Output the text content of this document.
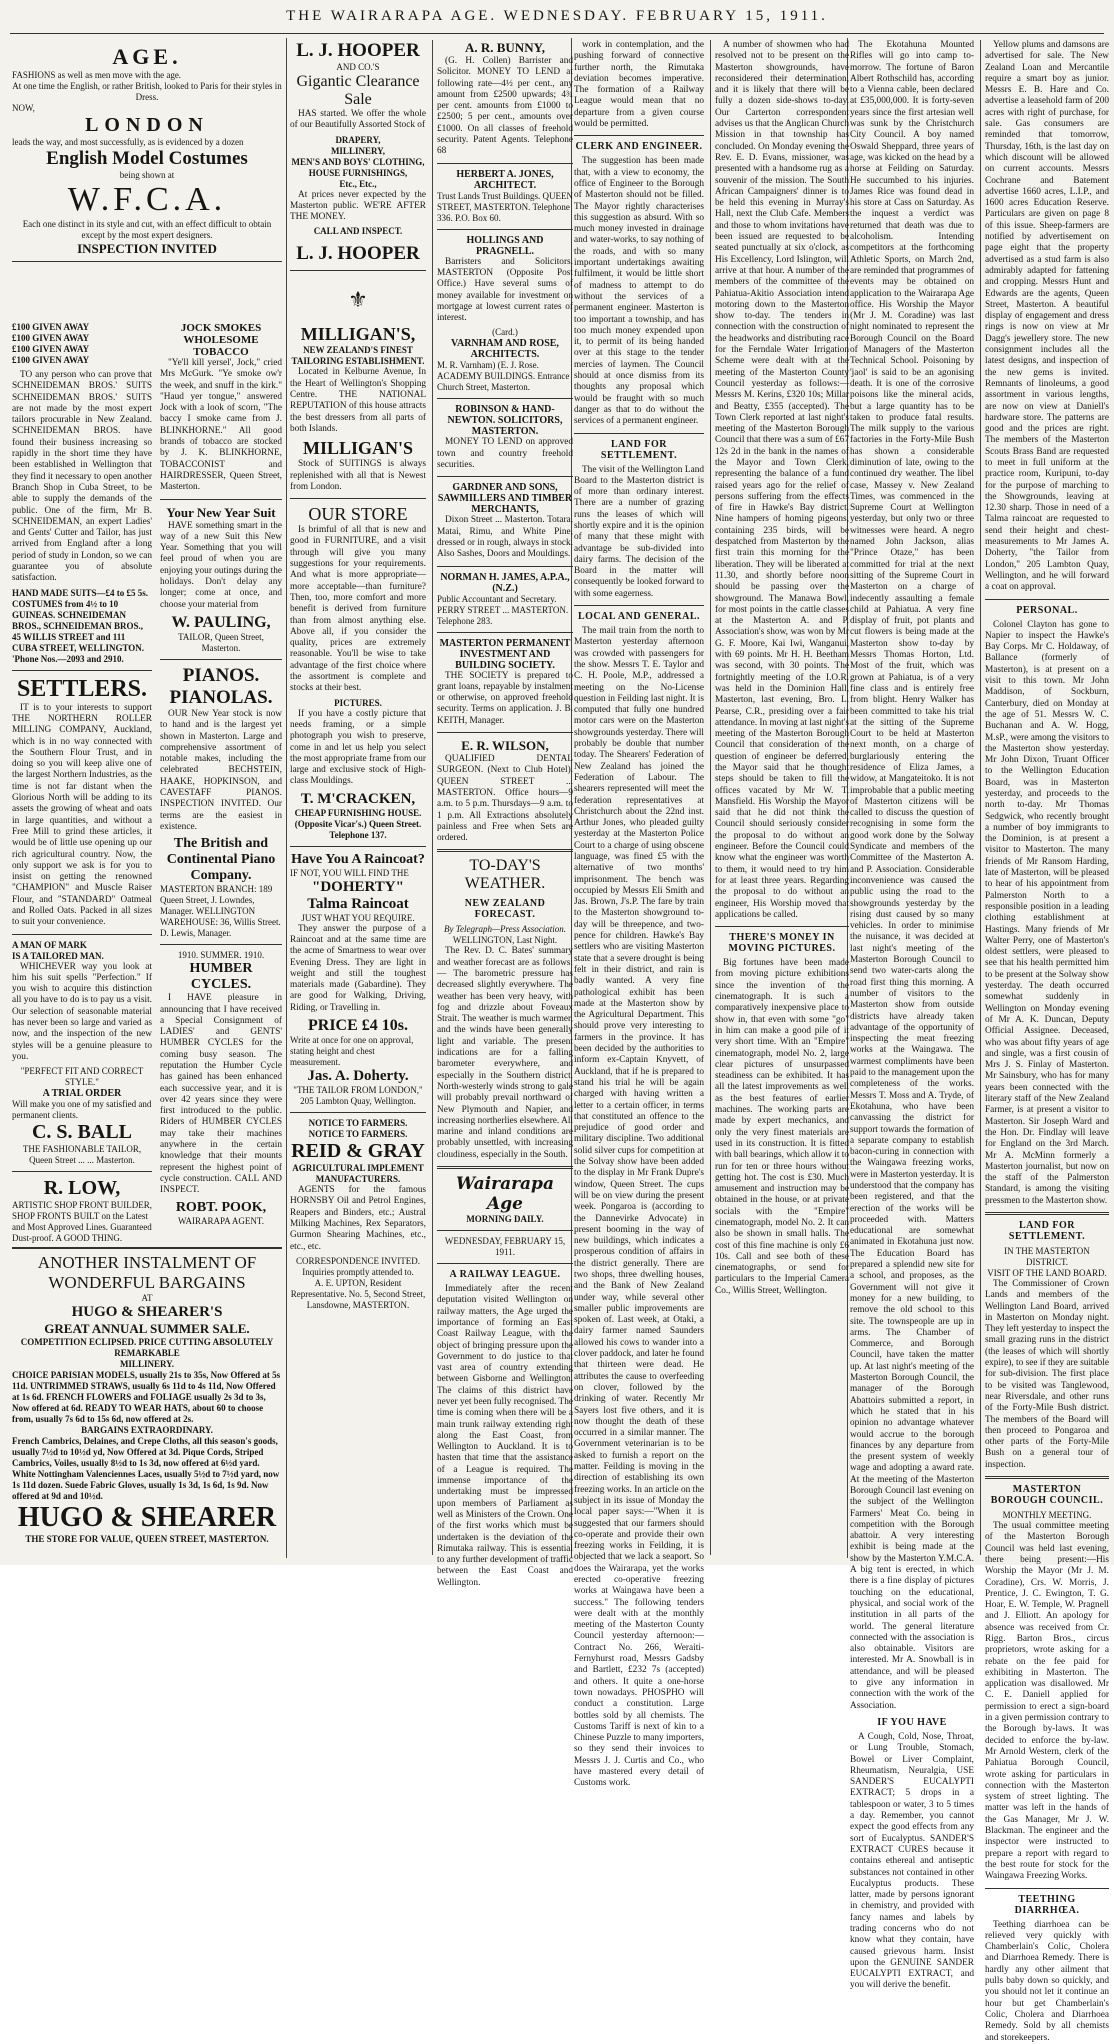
THE WAIRARAPA AGE. WEDNESDAY. FEBRUARY 15, 1911.
AGE.

FASHIONS as well as men move with the age.

At one time the English, or rather British, looked to Paris for their styles in Dress.

NOW,

LONDON

leads the way, and most successfully, as is evidenced by a dozen

English Model Costumes

being shown at

W.F.C.A.

Each one distinct in its style and cut, with an effect difficult to obtain except by the most expert designers.

INSPECTION INVITED
£100 GIVEN AWAY
£100 GIVEN AWAY
£100 GIVEN AWAY
£100 GIVEN AWAY

TO any person who can prove that SCHNEIDEMAN BROS.' SUITS SCHNEIDEMAN BROS.' SUITS are not made by the most expert tailors procurable in New Zealand. SCHNEIDEMAN BROS. have found their business increasing so rapidly in the short time they have been established in Wellington that they find it necessary to open another Branch Shop in Cuba Street, to be able to supply the demands of the public. One of the firm, Mr B. SCHNEIDEMAN, an expert Ladies' and Gents' Cutter and Tailor, has just arrived from England after a long period of study in London, so we can guarantee you of absolute satisfaction.

HAND MADE SUITS—£4 to £5 5s. COSTUMES from 4½ to 10 GUINEAS. SCHNEIDEMAN BROS., SCHNEIDEMAN BROS., 45 WILLIS STREET and 111 CUBA STREET, WELLINGTON. 'Phone Nos.—2093 and 2910.

SETTLERS.

IT is to your interests to support THE NORTHERN ROLLER MILLING COMPANY, Auckland, which is in no way connected with the Southern Flour Trust, and in doing so you will keep alive one of the largest Northern Industries, as the time is not far distant when the Glorious North will be adding to its assets the growing of wheat and oats in large quantities, and without a Free Mill to grind these articles, it would be of little use opening up our rich agricultural country. Now, the only support we ask is for you to insist on getting the renowned "CHAMPION" and Muscle Raiser Flour, and "STANDARD" Oatmeal and Rolled Oats. Packed in all sizes to suit your convenience.

A MAN OF MARK
IS A TAILORED MAN.

WHICHEVER way you look at him his suit spells "Perfection." If you wish to acquire this distinction all you have to do is to pay us a visit. Our selection of seasonable material has never been so large and varied as now, and the inspection of the new styles will be a genuine pleasure to you.

"PERFECT FIT AND CORRECT STYLE."

A TRIAL ORDER

Will make you one of my satisfied and permanent clients.

C. S. BALL

THE FASHIONABLE TAILOR, Queen Street ... ... Masterton.

R. LOW,

ARTISTIC SHOP FRONT BUILDER, SHOP FRONTS BUILT on the Latest and Most Approved Lines. Guaranteed Dust-proof. A GOOD THING.

JOCK SMOKES WHOLESOME TOBACCO

"Ye'll kill yersel', Jock," cried Mrs McGurk. "Ye smoke ow'r the week, and snuff in the kirk." "Haud yer tongue," answered Jock with a look of scorn, "The baccy I smoke came from J. BLINKHORNE." All good brands of tobacco are stocked by J. K. BLINKHORNE, TOBACCONIST and HAIRDRESSER, Queen Street, Masterton.

Your New Year Suit

HAVE something smart in the way of a new Suit this New Year. Something that you will feel proud of when you are enjoying your outings during the holidays. Don't delay any longer; come at once, and choose your material from

W. PAULING,

TAILOR, Queen Street, Masterton.

PIANOS.
PIANOLAS.

OUR New Year stock is now to hand and is the largest yet shown in Masterton. Large and comprehensive assortment of notable makes, including the celebrated BECHSTEIN, HAAKE, HOPKINSON, and CAVESTAFF PIANOS. INSPECTION INVITED. Our terms are the easiest in existence.

The British and Continental Piano Company.

MASTERTON BRANCH: 189 Queen Street, J. Lowndes, Manager. WELLINGTON WAREHOUSE: 36, Willis Street. D. Lewis, Manager.

1910. SUMMER. 1910.

HUMBER CYCLES.

I HAVE pleasure in announcing that I have received a Special Consignment of LADIES' and GENTS' HUMBER CYCLES for the coming busy season. The reputation the Humber Cycle has gained has been enhanced each successive year, and it is over 42 years since they were first introduced to the public. Riders of HUMBER CYCLES may take their machines anywhere in the certain knowledge that their mounts represent the highest point of cycle construction. CALL AND INSPECT.

ROBT. POOK,

WAIRARAPA AGENT.

ANOTHER INSTALMENT OF WONDERFUL BARGAINS
AT
HUGO & SHEARER'S
GREAT ANNUAL SUMMER SALE.
COMPETITION ECLIPSED. PRICE CUTTING ABSOLUTELY REMARKABLE
MILLINERY.

CHOICE PARISIAN MODELS, usually 21s to 35s, Now Offered at 5s 11d. UNTRIMMED STRAWS, usually 6s 11d to 4s 11d, Now Offered at 1s 6d. FRENCH FLOWERS and FOLIAGE usually 2s 3d to 3s, Now offered at 6d. READY TO WEAR HATS, about 60 to choose from, usually 7s 6d to 15s 6d, now offered at 2s.

BARGAINS EXTRAORDINARY.

French Cambrics, Delaines, and Crepe Cloths, all this season's goods, usually 7½d to 10½d yd, Now Offered at 3d. Pique Cords, Striped Cambrics, Voiles, usually 8½d to 1s 3d, now offered at 6½d yard. White Nottingham Valenciennes Laces, usually 5½d to 7½d yard, now 1s 11d dozen. Suede Fabric Gloves, usually 1s 3d, 1s 6d, 1s 9d. Now offered at 9d and 10½d.

HUGO & SHEARER
THE STORE FOR VALUE, QUEEN STREET, MASTERTON.
L. J. HOOPER
AND CO.'S
Gigantic Clearance Sale

HAS started. We offer the whole of our Beautifully Assorted Stock of

DRAPERY,
MILLINERY,
MEN'S AND BOYS' CLOTHING,
HOUSE FURNISHINGS,
Etc., Etc.,

At prices never expected by the Masterton public. WE'RE AFTER THE MONEY.

CALL AND INSPECT.
L. J. HOOPER
⚜
MILLIGAN'S,
NEW ZEALAND'S FINEST TAILORING ESTABLISHMENT.

Located in Kelburne Avenue, In the Heart of Wellington's Shopping Centre. THE NATIONAL REPUTATION of this house attracts the best dressers from all parts of both Islands.

MILLIGAN'S

Stock of SUITINGS is always replenished with all that is Newest from London.

OUR STORE

Is brimful of all that is new and good in FURNITURE, and a visit through will give you many suggestions for your requirements. And what is more appropriate—more acceptable—than furniture? Then, too, more comfort and more benefit is derived from furniture than from almost anything else. Above all, if you consider the quality, prices are extremely reasonable. You'll be wise to take advantage of the first choice where the assortment is complete and stocks at their best.

PICTURES.

If you have a costly picture that needs framing, or a simple photograph you wish to preserve, come in and let us help you select the most appropriate frame from our large and exclusive stock of High-class Mouldings.

T. M'CRACKEN,

CHEAP FURNISHING HOUSE. (Opposite Vicar's.) Queen Street. Telephone 137.

Have You A Raincoat?

IF NOT, YOU WILL FIND THE

"DOHERTY"
Talma Raincoat
JUST WHAT YOU REQUIRE.

They answer the purpose of a Raincoat and at the same time are the acme of Smartness to wear over Evening Dress. They are light in weight and still the toughest materials made (Gabardine). They are good for Walking, Driving, Riding, or Travelling in.

PRICE £4 10s.

Write at once for one on approval, stating height and chest measurement.

Jas. A. Doherty.

"THE TAILOR FROM LONDON," 205 Lambton Quay, Wellington.

NOTICE TO FARMERS. NOTICE TO FARMERS.
REID & GRAY
AGRICULTURAL IMPLEMENT MANUFACTURERS.

AGENTS for the famous HORNSBY Oil and Petrol Engines, Reapers and Binders, etc.; Austral Milking Machines, Rex Separators, Gurmon Shearing Machines, etc., etc., etc.

CORRESPONDENCE INVITED.
Inquiries promptly attended to.

A. E. UPTON, Resident Representative. No. 5, Second Street, Lansdowne, MASTERTON.

A. R. BUNNY,

(G. H. Collen) Barrister and Solicitor. MONEY TO LEND at following rate—4½ per cent., any amount from £2500 upwards; 4¾ per cent. amounts from £1000 to £2500; 5 per cent., amounts over £1000. On all classes of freehold security. Patent Agents. Telephone 68

HERBERT A. JONES, ARCHITECT.

Trust Lands Trust Buildings. QUEEN STREET, MASTERTON. Telephone 336. P.O. Box 60.

HOLLINGS AND PRAGNELL.

Barristers and Solicitors. MASTERTON (Opposite Post Office.) Have several sums of money available for investment on mortgage at lowest current rates of interest.

(Card.)
VARNHAM AND ROSE, ARCHITECTS.

M. R. Varnham) (E. J. Rose. ACADEMY BUILDINGS. Entrance Church Street, Masterton.

ROBINSON & HAND-NEWTON. SOLICITORS, MASTERTON.

MONEY TO LEND on approved town and country freehold securities.

GARDNER AND SONS, SAWMILLERS AND TIMBER MERCHANTS,

Dixon Street ... Masterton. Totara, Matai, Rimu, and White Pine, dressed or in rough, always in stock. Also Sashes, Doors and Mouldings.

NORMAN H. JAMES, A.P.A., (N.Z.)

Public Accountant and Secretary. PERRY STREET ... MASTERTON. Telephone 283.

MASTERTON PERMANENT INVESTMENT AND BUILDING SOCIETY.

THE SOCIETY is prepared to grant loans, repayable by instalment or otherwise, on approved freehold security. Terms on application. J. B. KEITH, Manager.

E. R. WILSON,

QUALIFIED DENTAL SURGEON. (Next to Club Hotel). QUEEN STREET ... MASTERTON. Office hours—9 a.m. to 5 p.m. Thursdays—9 a.m. to 1 p.m. All Extractions absolutely painless and Free when Sets are ordered.

TO-DAY'S WEATHER.
NEW ZEALAND FORECAST.
By Telegraph—Press Association.
WELLINGTON, Last Night.

The Rev. D. C. Bates' summary and weather forecast are as follows:— The barometric pressure has decreased slightly everywhere. The weather has been very heavy, with fog and drizzle about Foveaux Strait. The weather is much warmer, and the winds have been generally light and variable. The present indications are for a falling barometer everywhere, and especially in the Southern district. North-westerly winds strong to gale will probably prevail northward of New Plymouth and Napier, and increasing northerlies elsewhere. All marine and inland conditions are probably unsettled, with increasing cloudiness, especially in the South.

Wairarapa Age
MORNING DAILY.
WEDNESDAY, FEBRUARY 15, 1911.
A RAILWAY LEAGUE.

Immediately after the recent deputation visited Wellington on railway matters, the Age urged the importance of forming an East Coast Railway League, with the object of bringing pressure upon the Government to do justice to that vast area of country extending between Gisborne and Wellington. The claims of this district have never yet been fully recognised. The time is coming when there will be a main trunk railway extending right along the East Coast, from Wellington to Auckland. It is to hasten that time that the assistance of a League is required. The immense importance of the undertaking must be impressed upon members of Parliament as well as Ministers of the Crown. One of the first works which must be undertaken is the deviation of the Rimutaka railway. This is essential to any further development of traffic between the East Coast and Wellington.

work in contemplation, and the pushing forward of connective further north, the Rimutaka deviation becomes imperative. The formation of a Railway League would mean that no departure from a given course would be permitted.

CLERK AND ENGINEER.

The suggestion has been made that, with a view to economy, the office of Engineer to the Borough of Masterton should not be filled. The Mayor rightly characterises this suggestion as absurd. With so much money invested in drainage and water-works, to say nothing of the roads, and with so many important undertakings awaiting fulfilment, it would be little short of madness to attempt to do without the services of a permanent engineer. Masterton is too important a township, and has too much money expended upon it, to permit of its being handed over at this stage to the tender mercies of laymen. The Council should at once dismiss from its thoughts any proposal which would be fraught with so much danger as that to do without the services of a permanent engineer.

LAND FOR SETTLEMENT.

The visit of the Wellington Land Board to the Masterton district is of more than ordinary interest. There are a number of grazing runs the leases of which will shortly expire and it is the opinion of many that these might with advantage be sub-divided into dairy farms. The decision of the Board in the matter will consequently be looked forward to with some eagerness.

LOCAL AND GENERAL.

The mail train from the north to Masterton yesterday afternoon was crowded with passengers for the show. Messrs T. E. Taylor and C. H. Poole, M.P., addressed a meeting on the No-License question in Feilding last night. It is computed that fully one hundred motor cars were on the Masterton showgrounds yesterday. There will probably be double that number today. The Shearers' Federation of New Zealand has joined the Federation of Labour. The shearers represented will meet the federation representatives at Christchurch about the 22nd inst. Arthur Jones, who pleaded guilty yesterday at the Masterton Police Court to a charge of using obscene language, was fined £5 with the alternative of two months' imprisonment. The bench was occupied by Messrs Eli Smith and Jas. Brown, J's.P. The fare by train to the Masterton showground to-day will be threepence, and two-pence for children. Hawke's Bay settlers who are visiting Masterton state that a severe drought is being felt in their district, and rain is badly wanted. A very fine pathological exhibit has been made at the Masterton show by the Agricultural Department. This should prove very interesting to farmers in the province. It has been decided by the authorities to inform ex-Captain Knyvett, of Auckland, that if he is prepared to stand his trial he will be again charged with having written a letter to a certain officer, in terms that constituted an offence to the prejudice of good order and military discipline. Two additional solid silver cups for competition at the Solvay show have been added to the display in Mr Frank Dupre's window, Queen Street. The cups will be on view during the present week. Pongaroa is (according to the Dannevirke Advocate) in present booming in the way of new buildings, which indicates a prosperous condition of affairs in the district generally. There are two shops, three dwelling houses, and the Bank of New Zealand under way, while several other smaller public improvements are spoken of. Last week, at Otaki, a dairy farmer named Saunders allowed his cows to wander into a clover paddock, and later he found that thirteen were dead. He attributes the cause to overfeeding on clover, followed by the drinking of water. Recently Mr Sayers lost five others, and it is now thought the death of these occurred in a similar manner. The Government veterinarian is to be asked to furnish a report on the matter. Feilding is moving in the direction of establishing its own freezing works. In an article on the subject in its issue of Monday the local paper says:—"When it is suggested that our farmers should co-operate and provide their own freezing works in Feilding, it is objected that we lack a seaport. So does the Wairarapa, yet the works erected co-operative freezing works at Waingawa have been a success." The following tenders were dealt with at the monthly meeting of the Masterton County Council yesterday afternoon:—Contract No. 266, Weraiti-Fernyhurst road, Messrs Gadsby and Bartlett, £232 7s (accepted) and others. It quite a one-horse town nowadays. PHOSPHO will conduct a constitution. Large bottles sold by all chemists. The Customs Tariff is next of kin to a Chinese Puzzle to many importers, so they send their invoices to Messrs J. J. Curtis and Co., who have mastered every detail of Customs work.

A number of showmen who had resolved not to be present on the Masterton showgrounds, have reconsidered their determination, and it is likely that there will be fully a dozen side-shows to-day. Our Carterton correspondent advises us that the Anglican Church Mission in that township has concluded. On Monday evening the Rev. E. D. Evans, missioner, was presented with a handsome rug as a souvenir of the mission. The South African Campaigners' dinner is to be held this evening in Murray's Hall, next the Club Cafe. Members and those to whom invitations have been issued are requested to be seated punctually at six o'clock, as His Excellency, Lord Islington, will arrive at that hour. A number of the members of the committee of the Pahiatua-Akitio Association intend motoring down to the Masterton show to-day. The tenders in connection with the construction of the headworks and distributing race for the Ferndale Water Irrigation Scheme were dealt with at the meeting of the Masterton County Council yesterday as follows:—Messrs M. Kerins, £320 10s; Millar and Beatty, £355 (accepted). The Town Clerk reported at last night's meeting of the Masterton Borough Council that there was a sum of £67 12s 2d in the bank in the names of the Mayor and Town Clerk, representing the balance of a fund raised years ago for the relief of persons suffering from the effects of fire in Hawke's Bay district. Nine hampers of homing pigeons, containing 235 birds, will be despatched from Masterton by the first train this morning for the liberation. They will be liberated at 11.30, and shortly before noon should be passing over the showground. The Manawa Bowl, for most points in the cattle classes at the Masterton A. and P. Association's show, was won by Mr G. F. Moore, Kai Iwi, Wanganui, with 69 points. Mr H. H. Beetham was second, with 30 points. The fortnightly meeting of the I.O.R. was held in the Dominion Hall, Masterton, last evening, Bro. L. Pearse, C.R., presiding over a fair attendance. In moving at last night's meeting of the Masterton Borough Council that consideration of the question of engineer be deferred, the Mayor said that he thought steps should be taken to fill the offices vacated by Mr W. T. Mansfield. His Worship the Mayor said that he did not think the Council should seriously consider the proposal to do without an engineer. Before the Council could know what the engineer was worth to them, it would need to try him for at least three years. Regarding the proposal to do without an engineer, His Worship moved that applications be called.

THERE'S MONEY IN MOVING PICTURES.

Big fortunes have been made from moving picture exhibitions since the invention of the cinematograph. It is such a comparatively inexpensive place to show in, that even with some "go" in him can make a good pile of it very short time. With an "Empire" cinematograph, model No. 2, large clear pictures of unsurpassed steadiness can be exhibited. It has all the latest improvements as well as the best features of earlier machines. The working parts are made by expert mechanics, and only the very finest materials are used in its construction. It is fitted with ball bearings, which allow it to run for ten or three hours without getting hot. The cost is £30. Much amusement and instruction may be obtained in the house, or at private socials with the "Empire" cinematograph, model No. 2. It can also be shown in small halls. The cost of this fine machine is only £6 10s. Call and see both of these cinematographs, or send for particulars to the Imperial Camera Co., Willis Street, Wellington.

The Ekotahuna Mounted Rifles will go into camp to-morrow. The fortune of Baron Albert Rothschild has, according to a Vienna cable, been declared at £35,000,000. It is forty-seven years since the first artesian well was sunk by the Christchurch City Council. A boy named Oswald Sheppard, three years of age, was kicked on the head by a horse at Feilding on Saturday. He succumbed to his injuries. James Rice was found dead in his store at Cass on Saturday. As the inquest a verdict was returned that death was due to alcoholism. Intending competitors at the forthcoming Athletic Sports, on March 2nd, are reminded that programmes of events may be obtained on application to the Wairarapa Age office. His Worship the Mayor (Mr J. M. Coradine) was last night nominated to represent the Borough Council on the Board of Managers of the Masterton Technical School. Poisoning by 'jaol' is said to be an agonising death. It is one of the corrosive poisons like the mineral acids, but a large quantity has to be taken to produce fatal results. The milk supply to the various factories in the Forty-Mile Bush has shown a considerable diminution of late, owing to the continued dry weather. The libel case, Massey v. New Zealand Times, was commenced in the Supreme Court at Wellington yesterday, but only two or three witnesses were heard. A negro named John Jackson, alias "Prince Otaze," has been committed for trial at the next sitting of the Supreme Court in Masterton on a charge of indecently assaulting a female child at Pahiatua. A very fine display of fruit, pot plants and cut flowers is being made at the Masterton show to-day by Messrs Thomas Horton, Ltd. Most of the fruit, which was grown at Pahiatua, is of a very fine class and is entirely free from blight. Henry Walker has been committed to take his trial at the sitting of the Supreme Court to be held at Masterton next month, on a charge of burglariously entering the residence of Eliza James, a widow, at Mangateitoko. It is not improbable that a public meeting of Masterton citizens will be called to discuss the question of recognising in some form the good work done by the Solway Syndicate and members of the Committee of the Masterton A. and P. Association. Considerable inconvenience was caused the public using the road to the showgrounds yesterday by the rising dust caused by so many vehicles. In order to minimise the nuisance, it was decided at last night's meeting of the Masterton Borough Council to send two water-carts along the road first thing this morning. A number of visitors to the Masterton show from outside districts have already taken advantage of the opportunity of inspecting the meat freezing works at the Waingawa. The warmest compliments have been paid to the management upon the completeness of the works. Messrs T. Moss and A. Tryde, of Ekotahuna, who have been canvassing the district for support towards the formation of a separate company to establish bacon-curing in connection with the Waingawa freezing works, were in Masterton yesterday. It is understood that the company has been registered, and that the erection of the works will be proceeded with. Matters educational are somewhat animated in Ekotahuna just now. The Education Board has prepared a splendid new site for a school, and proposes, as the Government will not give it money for a new building, to remove the old school to this site. The townspeople are up in arms. The Chamber of Commerce, and Borough Council, have taken the matter up. At last night's meeting of the Masterton Borough Council, the manager of the Borough Abattoirs submitted a report, in which he stated that in his opinion no advantage whatever would accrue to the borough finances by any departure from the present system of weekly wage and adopting a award rate. At the meeting of the Masterton Borough Council last evening on the subject of the Wellington Farmers' Meat Co. being in competition with the Borough abattoir. A very interesting exhibit is being made at the show by the Masterton Y.M.C.A. A big tent is erected, in which there is a fine display of pictures touching on the educational, physical, and social work of the institution in all parts of the world. The general literature connected with the association is also obtainable. Visitors are interested. Mr A. Snowball is in attendance, and will be pleased to give any information in connection with the work of the Association.

IF YOU HAVE

A Cough, Cold, Nose, Throat, or Lung Trouble, Stomach, Bowel or Liver Complaint, Rheumatism, Neuralgia, USE SANDER'S EUCALYPTI EXTRACT; 5 drops in a tablespoon or water, 3 to 5 times a day. Remember, you cannot expect the good effects from any sort of Eucalyptus. SANDER'S EXTRACT CURES because it contains ethereal and antiseptic substances not contained in other Eucalyptus products. These latter, made by persons ignorant in chemistry, and provided with fancy names and labels by trading concerns who do not know what they contain, have caused grievous harm. Insist upon the GENUINE SANDER EUCALYPTI EXTRACT, and you will derive the benefit.

Yellow plums and damsons are advertised for sale. The New Zealand Loan and Mercantile require a smart boy as junior. Messrs E. B. Hare and Co. advertise a leasehold farm of 200 acres with right of purchase, for sale. Gas consumers are reminded that tomorrow, Thursday, 16th, is the last day on which discount will be allowed on current accounts. Messrs Cochrane and Batement advertise 1660 acres, L.I.P., and 1600 acres Education Reserve. Particulars are given on page 8 of this issue. Sheep-farmers are notified by advertisement on page eight that the property advertised as a stud farm is also admirably adapted for fattening and cropping. Messrs Hunt and Edwards are the agents, Queen Street, Masterton. A beautiful display of engagement and dress rings is now on view at Mr Dagg's jewellery store. The new consignment includes all the latest designs, and inspection of the new gems is invited. Remnants of linoleums, a good assortment in various lengths, are now on view at Daniell's hardware store. The patterns are good and the prices are right. The members of the Masterton Scouts Brass Band are requested to meet in full uniform at the practice room, Kuripuni, to-day for the purpose of marching to the Showgrounds, leaving at 12.30 sharp. Those in need of a Talma raincoat are requested to send their height and chest-measurements to Mr James A. Doherty, "the Tailor from London," 205 Lambton Quay, Wellington, and he will forward a coat on approval.

PERSONAL.

Colonel Clayton has gone to Napier to inspect the Hawke's Bay Corps. Mr C. Holdaway, of Ballance (formerly of Masterton), is at present on a visit to this town. Mr John Maddison, of Sockburn, Canterbury, died on Monday at the age of 51. Messrs W. C. Buchanan and A. W. Hogg, M.sP., were among the visitors to the Masterton show yesterday. Mr John Dixon, Truant Officer to the Wellington Education Board, was in Masterton yesterday, and proceeds to the north to-day. Mr Thomas Sedgwick, who recently brought a number of boy immigrants to the Dominion, is at present a visitor to Masterton. The many friends of Mr Ransom Harding, late of Masterton, will be pleased to hear of his appointment from Palmerston North to a responsible position in a leading clothing establishment at Hastings. Many friends of Mr Walter Perry, one of Masterton's oldest settlers, were pleased to see that his health permitted him to be present at the Solway show yesterday. The death occurred somewhat suddenly in Wellington on Monday evening of Mr A. K. Duncan, Deputy Official Assignee. Deceased, who was about fifty years of age and single, was a first cousin of Mrs J. S. Finlay of Masterton. Mr Sainsbury, who has for many years been connected with the literary staff of the New Zealand Farmer, is at present a visitor to Masterton. Sir Joseph Ward and the Hon. Dr. Findlay will leave for England on the 3rd March. Mr A. McMinn formerly a Masterton journalist, but now on the staff of the Palmerston Standard, is among the visiting pressmen to the Masterton show.

LAND FOR SETTLEMENT.
IN THE MASTERTON DISTRICT.
VISIT OF THE LAND BOARD.

The Commissioner of Crown Lands and members of the Wellington Land Board, arrived in Masterton on Monday night. They left yesterday to inspect the small grazing runs in the district (the leases of which will shortly expire), to see if they are suitable for sub-division. The first place to be visited was Tanglewood, near Riversdale, and other runs of the Forty-Mile Bush district. The members of the Board will then proceed to Pongaroa and other parts of the Forty-Mile Bush on a general tour of inspection.

MASTERTON BOROUGH COUNCIL.
MONTHLY MEETING.

The usual committee meeting of the Masterton Borough Council was held last evening, there being present:—His Worship the Mayor (Mr J. M. Coradine), Crs. W. Morris, J. Prentice, J. C. Ewington, T. G. Hoar, E. W. Temple, W. Pragnell and J. Elliott. An apology for absence was received from Cr. Rigg. Barton Bros., circus proprietors, wrote asking for a rebate on the fee paid for exhibiting in Masterton. The application was disallowed. Mr C. E. Daniell applied for permission to erect a sign-board in a given permission contrary to the Borough by-laws. It was decided to enforce the by-law. Mr Arnold Western, clerk of the Pahiatua Borough Council, wrote asking for particulars in connection with the Masterton system of street lighting. The matter was left in the hands of the Gas Manager, Mr J. W. Blackman. The engineer and the inspector were instructed to prepare a report with regard to the best route for stock for the Waingawa Freezing Works.

TEETHING DIARRHŒA.

Teething diarrhoea can be relieved very quickly with Chamberlain's Colic, Cholera and Diarrhoea Remedy. There is hardly any other ailment that pulls baby down so quickly, and you should not let it continue an hour but get Chamberlain's Colic, Cholera and Diarrhoea Remedy. Sold by all chemists and storekeepers.
